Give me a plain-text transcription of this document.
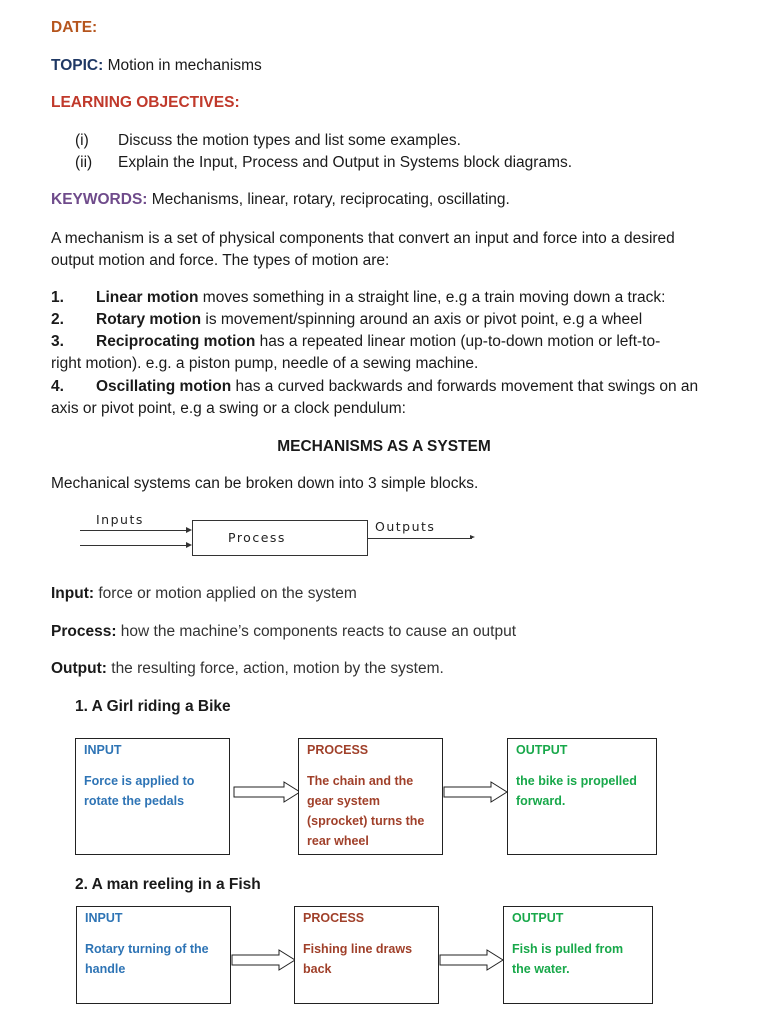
DATE:
TOPIC: Motion in mechanisms
LEARNING OBJECTIVES:
(i) Discuss the motion types and list some examples.
(ii) Explain the Input, Process and Output in Systems block diagrams.
KEYWORDS: Mechanisms, linear, rotary, reciprocating, oscillating.
A mechanism is a set of physical components that convert an input and force into a desired
output motion and force. The types of motion are:
1. Linear motion moves something in a straight line, e.g a train moving down a track:
2. Rotary motion is movement/spinning around an axis or pivot point, e.g a wheel
3. Reciprocating motion has a repeated linear motion (up-to-down motion or left-to-
right motion). e.g. a piston pump, needle of a sewing machine.
4. Oscillating motion has a curved backwards and forwards movement that swings on an
axis or pivot point, e.g a swing or a clock pendulum:
MECHANISMS AS A SYSTEM
Mechanical systems can be broken down into 3 simple blocks.
Inputs
Process
Outputs
Input: force or motion applied on the system
Process: how the machine’s components reacts to cause an output
Output: the resulting force, action, motion by the system.
1. A Girl riding a Bike
INPUT
Force is applied to rotate the pedals
PROCESS
The chain and the gear system (sprocket) turns the rear wheel
OUTPUT
the bike is propelled forward.
2. A man reeling in a Fish
INPUT
Rotary turning of the handle
PROCESS
Fishing line draws back
OUTPUT
Fish is pulled from the water.
